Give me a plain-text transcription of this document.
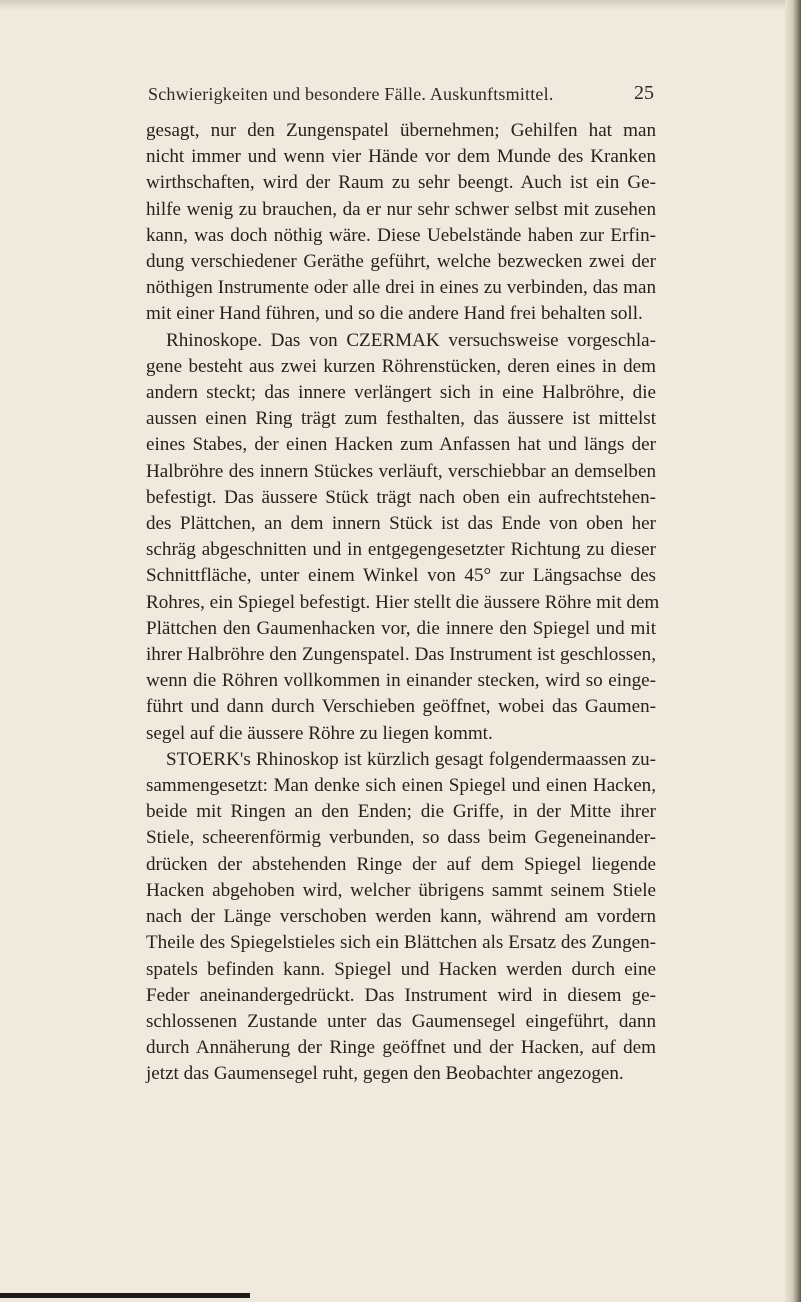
Schwierigkeiten und besondere Fälle. Auskunftsmittel.	25
gesagt, nur den Zungenspatel übernehmen; Gehilfen hat man
nicht immer und wenn vier Hände vor dem Munde des Kranken
wirthschaften, wird der Raum zu sehr beengt. Auch ist ein Ge-
hilfe wenig zu brauchen, da er nur sehr schwer selbst mit zusehen
kann, was doch nöthig wäre. Diese Uebelstände haben zur Erfin-
dung verschiedener Geräthe geführt, welche bezwecken zwei der
nöthigen Instrumente oder alle drei in eines zu verbinden, das man
mit einer Hand führen, und so die andere Hand frei behalten soll.
Rhinoskope. Das von CZERMAK versuchsweise vorgeschla-
gene besteht aus zwei kurzen Röhrenstücken, deren eines in dem
andern steckt; das innere verlängert sich in eine Halbröhre, die
aussen einen Ring trägt zum festhalten, das äussere ist mittelst
eines Stabes, der einen Hacken zum Anfassen hat und längs der
Halbröhre des innern Stückes verläuft, verschiebbar an demselben
befestigt. Das äussere Stück trägt nach oben ein aufrechtstehen-
des Plättchen, an dem innern Stück ist das Ende von oben her
schräg abgeschnitten und in entgegengesetzter Richtung zu dieser
Schnittfläche, unter einem Winkel von 45° zur Längsachse des
Rohres, ein Spiegel befestigt. Hier stellt die äussere Röhre mit dem
Plättchen den Gaumenhacken vor, die innere den Spiegel und mit
ihrer Halbröhre den Zungenspatel. Das Instrument ist geschlossen,
wenn die Röhren vollkommen in einander stecken, wird so einge-
führt und dann durch Verschieben geöffnet, wobei das Gaumen-
segel auf die äussere Röhre zu liegen kommt.
STOERK's Rhinoskop ist kürzlich gesagt folgendermaassen zu-
sammengesetzt: Man denke sich einen Spiegel und einen Hacken,
beide mit Ringen an den Enden; die Griffe, in der Mitte ihrer
Stiele, scheerenförmig verbunden, so dass beim Gegeneinander-
drücken der abstehenden Ringe der auf dem Spiegel liegende
Hacken abgehoben wird, welcher übrigens sammt seinem Stiele
nach der Länge verschoben werden kann, während am vordern
Theile des Spiegelstieles sich ein Blättchen als Ersatz des Zungen-
spatels befinden kann. Spiegel und Hacken werden durch eine
Feder aneinandergedrückt. Das Instrument wird in diesem ge-
schlossenen Zustande unter das Gaumensegel eingeführt, dann
durch Annäherung der Ringe geöffnet und der Hacken, auf dem
jetzt das Gaumensegel ruht, gegen den Beobachter angezogen.
